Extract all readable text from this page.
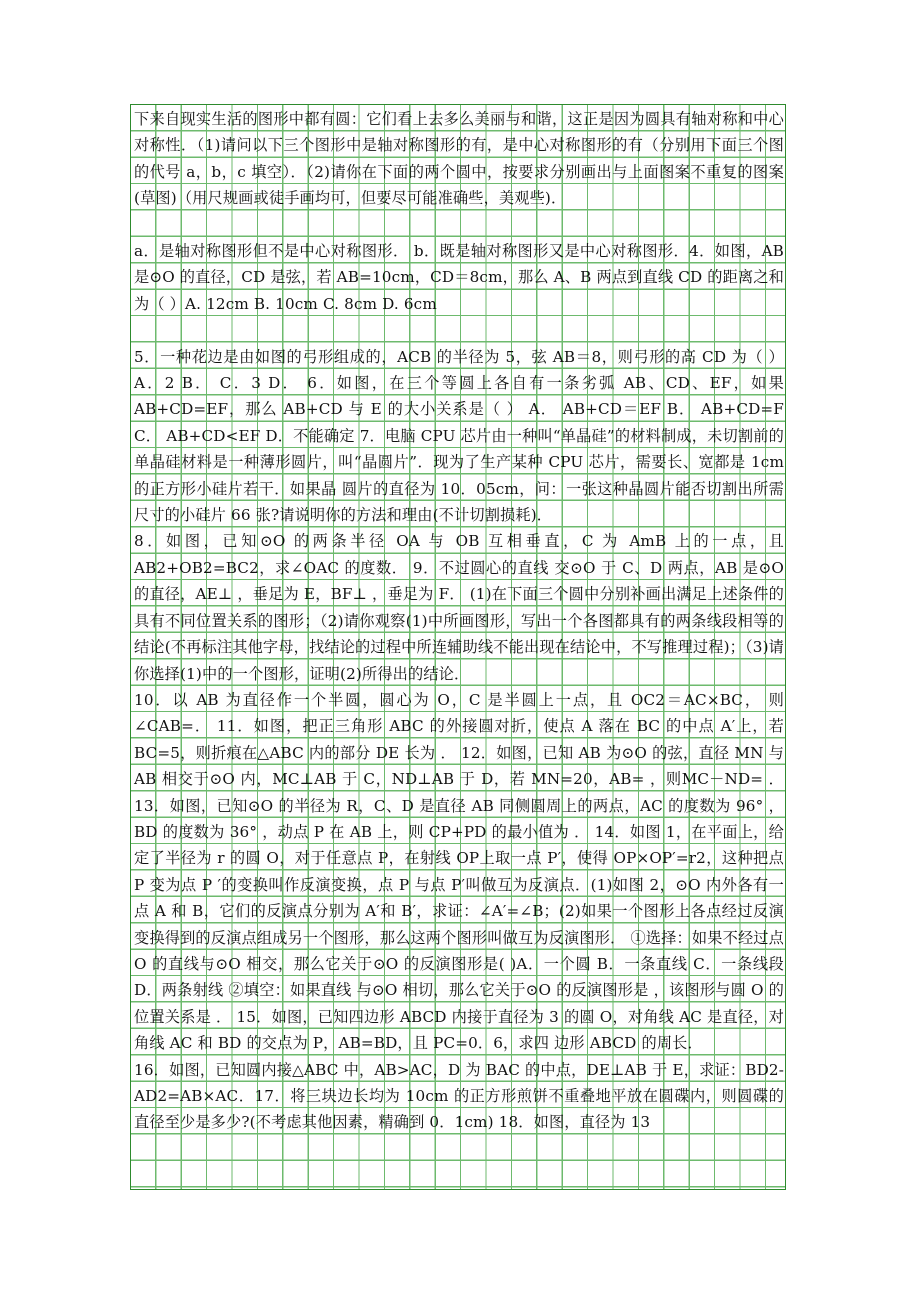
下来自现实生活的图形中都有圆：它们看上去多么美丽与和谐，这正是因为圆具有轴对称和中心对称性．（1)请问以下三个图形中是轴对称图形的有，是中心对称图形的有（分别用下面三个图的代号 a，b，c 填空）．（2)请你在下面的两个圆中，按要求分别画出与上面图案不重复的图案(草图)（用尺规画或徒手画均可，但要尽可能准确些，美观些)．

a．是轴对称图形但不是中心对称图形． b．既是轴对称图形又是中心对称图形．4．如图，AB 是⊙O 的直径，CD 是弦，若 AB=10cm，CD＝8cm，那么 A、B 两点到直线 CD 的距离之和为（ ）A. 12cm B. 10cm C. 8cm D. 6cm

5．一种花边是由如图的弓形组成的，ACB 的半径为 5，弦 AB＝8，则弓形的高 CD 为（ ）A．2 B． C．3 D． 6．如图，在三个等圆上各自有一条劣弧 AB、CD、EF，如果 AB+CD=EF，那么 AB+CD 与 E 的大小关系是（ ） A． AB+CD＝EF B． AB+CD=F C． AB+CD<EF D．不能确定 7．电脑 CPU 芯片由一种叫“单晶硅”的材料制成，未切割前的单晶硅材料是一种薄形圆片，叫“晶圆片”．现为了生产某种 CPU 芯片，需要长、宽都是 1cm 的正方形小硅片若干．如果晶 圆片的直径为 10．05cm，问：一张这种晶圆片能否切割出所需尺寸的小硅片 66 张?请说明你的方法和理由(不计切割损耗)．

8．如图，已知⊙O 的两条半径 OA 与 OB 互相垂直，C 为 AmB 上的一点，且AB2+OB2=BC2，求∠OAC 的度数． 9．不过圆心的直线 交⊙O 于 C、D 两点，AB 是⊙O 的直径，AE⊥ ，垂足为 E，BF⊥ ，垂足为 F． (1)在下面三个圆中分别补画出满足上述条件的具有不同位置关系的图形；（2)请你观察(1)中所画图形，写出一个各图都具有的两条线段相等的结论(不再标注其他字母，找结论的过程中所连辅助线不能出现在结论中，不写推理过程)；（3)请你选择(1)中的一个图形，证明(2)所得出的结论．

10．以 AB 为直径作一个半圆，圆心为 O，C 是半圆上一点，且 OC2＝AC×BC， 则∠CAB=． 11．如图，把正三角形 ABC 的外接圆对折，使点 A 落在 BC 的中点 A′上，若 BC=5，则折痕在△ABC 内的部分 DE 长为 ． 12．如图，已知 AB 为⊙O 的弦，直径 MN 与 AB 相交于⊙O 内，MC⊥AB 于 C，ND⊥AB 于 D，若 MN=20，AB= ，则MC－ND= ． 13．如图，已知⊙O 的半径为 R，C、D 是直径 AB 同侧圆周上的两点，AC 的度数为 96° ，BD 的度数为 36° ，动点 P 在 AB 上，则 CP+PD 的最小值为 ． 14．如图 1，在平面上，给定了半径为 r 的圆 O，对于任意点 P，在射线 OP上取一点 P′，使得 OP×OP′=r2，这种把点 P 变为点 P ′的变换叫作反演变换，点 P 与点 P′叫做互为反演点．(1)如图 2，⊙O 内外各有一点 A 和 B，它们的反演点分别为 A′和 B′，求证：∠A′=∠B；(2)如果一个图形上各点经过反演变换得到的反演点组成另一个图形，那么这两个图形叫做互为反演图形． ①选择：如果不经过点 O 的直线与⊙O 相交，那么它关于⊙O 的反演图形是( )A．一个圆 B．一条直线 C．一条线段 D．两条射线 ②填空：如果直线 与⊙O 相切，那么它关于⊙O 的反演图形是 ，该图形与圆 O 的位置关系是 ． 15．如图，已知四边形 ABCD 内接于直径为 3 的圆 O，对角线 AC 是直径，对角线 AC 和 BD 的交点为 P，AB=BD，且 PC=0．6，求四 边形 ABCD 的周长．

16．如图，已知圆内接△ABC 中，AB>AC，D 为 BAC 的中点，DE⊥AB 于 E，求证：BD2-AD2=AB×AC．17．将三块边长均为 10cm 的正方形煎饼不重叠地平放在圆碟内，则圆碟的直径至少是多少?(不考虑其他因素，精确到 0．1cm) 18．如图，直径为 13
